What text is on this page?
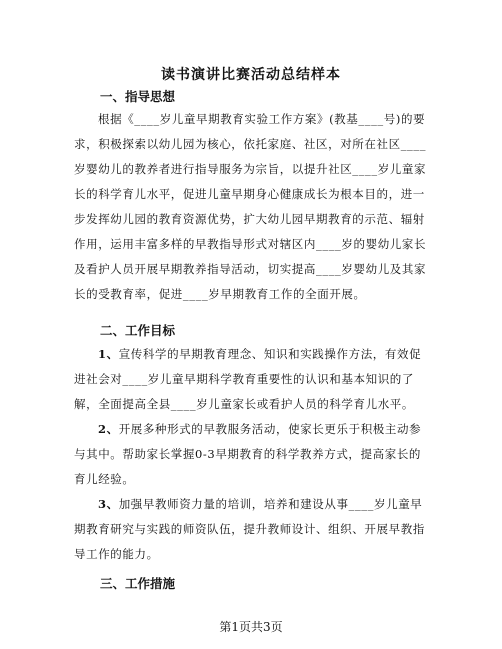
读书演讲比赛活动总结样本
一、指导思想

根据《____岁儿童早期教育实验工作方案》(教基____号)的要求，积极探索以幼儿园为核心，依托家庭、社区，对所在社区____岁婴幼儿的教养者进行指导服务为宗旨，以提升社区____岁儿童家长的科学育儿水平，促进儿童早期身心健康成长为根本目的，进一步发挥幼儿园的教育资源优势，扩大幼儿园早期教育的示范、辐射作用，运用丰富多样的早教指导形式对辖区内____岁的婴幼儿家长及看护人员开展早期教养指导活动，切实提高____岁婴幼儿及其家长的受教育率，促进____岁早期教育工作的全面开展。

二、工作目标

1、宣传科学的早期教育理念、知识和实践操作方法，有效促进社会对____岁儿童早期科学教育重要性的认识和基本知识的了解，全面提高全县____岁儿童家长或看护人员的科学育儿水平。

2、开展多种形式的早教服务活动，使家长更乐于积极主动参与其中。帮助家长掌握0-3早期教育的科学教养方式，提高家长的育儿经验。

3、加强早教师资力量的培训，培养和建设从事____岁儿童早期教育研究与实践的师资队伍，提升教师设计、组织、开展早教指导工作的能力。

三、工作措施
第1页共3页
